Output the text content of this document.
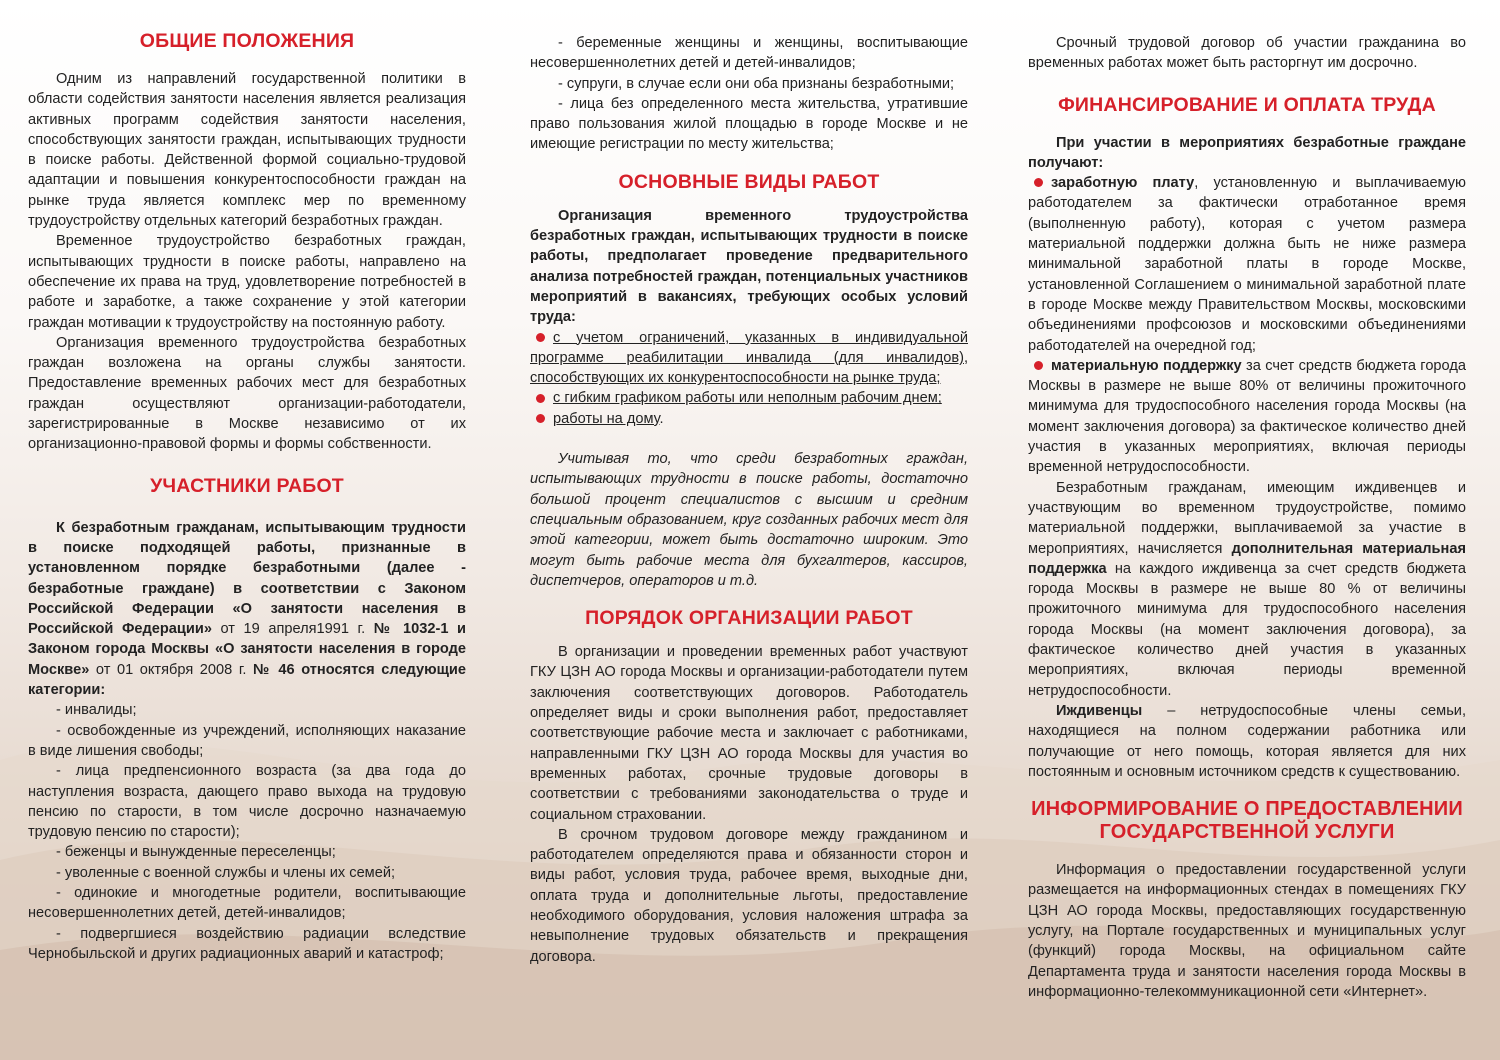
ОБЩИЕ ПОЛОЖЕНИЯ

Одним из направлений государственной политики в области содействия занятости населения является реализация активных программ содействия занятости населения, способствующих занятости граждан, испытывающих трудности в поиске работы. Действенной формой социально-трудовой адаптации и повышения конкурентоспособности граждан на рынке труда является комплекс мер по временному трудоустройству отдельных категорий безработных граждан.

Временное трудоустройство безработных граждан, испытывающих трудности в поиске работы, направлено на обеспечение их права на труд, удовлетворение потребностей в работе и заработке, а также сохранение у этой категории граждан мотивации к трудоустройству на постоянную работу.

Организация временного трудоустройства безработных граждан возложена на органы службы занятости. Предоставление временных рабочих мест для безработных граждан осуществляют организации-работодатели, зарегистрированные в Москве независимо от их организационно-правовой формы и формы собственности.

УЧАСТНИКИ РАБОТ

К безработным гражданам, испытывающим трудности в поиске подходящей работы, признанные в установленном порядке безработными (далее - безработные граждане) в соответствии с Законом Российской Федерации «О занятости населения в Российской Федерации» от 19 апреля1991 г. № 1032-1 и Законом города Москвы «О занятости населения в городе Москве» от 01 октября 2008 г. № 46 относятся следующие категории:

- инвалиды;

- освобожденные из учреждений, исполняющих наказание в виде лишения свободы;

- лица предпенсионного возраста (за два года до наступления возраста, дающего право выхода на трудовую пенсию по старости, в том числе досрочно назначаемую трудовую пенсию по старости);

- беженцы и вынужденные переселенцы;

- уволенные с военной службы и члены их семей;

- одинокие и многодетные родители, воспитывающие несовершеннолетних детей, детей-инвалидов;

- подвергшиеся воздействию радиации вследствие Чернобыльской и других радиационных аварий и катастроф;

- беременные женщины и женщины, воспитывающие несовершеннолетних детей и детей-инвалидов;

- супруги, в случае если они оба признаны безработными;

- лица без определенного места жительства, утратившие право пользования жилой площадью в городе Москве и не имеющие регистрации по месту жительства;

ОСНОВНЫЕ ВИДЫ РАБОТ

Организация временного трудоустройства безработных граждан, испытывающих трудности в поиске работы, предполагает проведение предварительного анализа потребностей граждан, потенциальных участников мероприятий в вакансиях, требующих особых условий труда:

с учетом ограничений, указанных в индивидуальной программе реабилитации инвалида (для инвалидов), способствующих их конкурентоспособности на рынке труда;

с гибким графиком работы или неполным рабочим днем;

работы на дому.

Учитывая то, что среди безработных граждан, испытывающих трудности в поиске работы, достаточно большой процент специалистов с высшим и средним специальным образованием, круг созданных рабочих мест для этой категории, может быть достаточно широким. Это могут быть рабочие места для бухгалтеров, кассиров, диспетчеров, операторов и т.д.

ПОРЯДОК ОРГАНИЗАЦИИ РАБОТ

В организации и проведении временных работ участвуют ГКУ ЦЗН АО города Москвы и организации-работодатели путем заключения соответствующих договоров. Работодатель определяет виды и сроки выполнения работ, предоставляет соответствующие рабочие места и заключает с работниками, направленными ГКУ ЦЗН АО города Москвы для участия во временных работах, срочные трудовые договоры в соответствии с требованиями законодательства о труде и социальном страховании.

В срочном трудовом договоре между гражданином и работодателем определяются права и обязанности сторон и виды работ, условия труда, рабочее время, выходные дни, оплата труда и дополнительные льготы, предоставление необходимого оборудования, условия наложения штрафа за невыполнение трудовых обязательств и прекращения договора.

Срочный трудовой договор об участии гражданина во временных работах может быть расторгнут им досрочно.

ФИНАНСИРОВАНИЕ И ОПЛАТА ТРУДА

При участии в мероприятиях безработные граждане получают:

заработную плату, установленную и выплачиваемую работодателем за фактически отработанное время (выполненную работу), которая с учетом размера материальной поддержки должна быть не ниже размера минимальной заработной платы в городе Москве, установленной Соглашением о минимальной заработной плате в городе Москве между Правительством Москвы, московскими объединениями профсоюзов и московскими объединениями работодателей на очередной год;

материальную поддержку за счет средств бюджета города Москвы в размере не выше 80% от величины прожиточного минимума для трудоспособного населения города Москвы (на момент заключения договора) за фактическое количество дней участия в указанных мероприятиях, включая периоды временной нетрудоспособности.

Безработным гражданам, имеющим иждивенцев и участвующим во временном трудоустройстве, помимо материальной поддержки, выплачиваемой за участие в мероприятиях, начисляется дополнительная материальная поддержка на каждого иждивенца за счет средств бюджета города Москвы в размере не выше 80 % от величины прожиточного минимума для трудоспособного населения города Москвы (на момент заключения договора), за фактическое количество дней участия в указанных мероприятиях, включая периоды временной нетрудоспособности.

Иждивенцы – нетрудоспособные члены семьи, находящиеся на полном содержании работника или получающие от него помощь, которая является для них постоянным и основным источником средств к существованию.

ИНФОРМИРОВАНИЕ О ПРЕДОСТАВЛЕНИИ
ГОСУДАРСТВЕННОЙ УСЛУГИ

Информация о предоставлении государственной услуги размещается на информационных стендах в помещениях ГКУ ЦЗН АО города Москвы, предоставляющих государственную услугу, на Портале государственных и муниципальных услуг (функций) города Москвы, на официальном сайте Департамента труда и занятости населения города Москвы в информационно-телекоммуникационной сети «Интернет».
